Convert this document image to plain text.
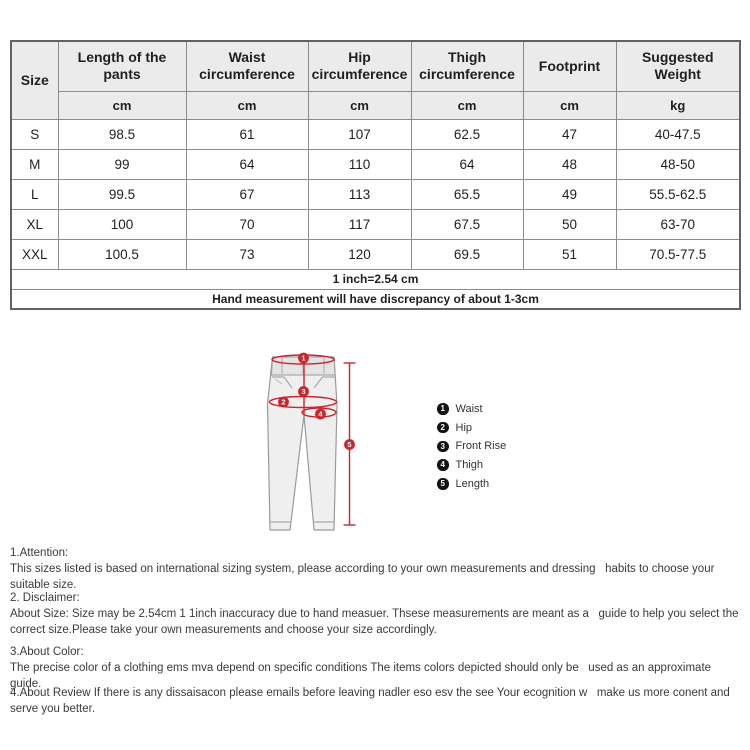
Size	Length of the pants	Waist circumference	Hip circumference	Thigh circumference	Footprint	Suggested Weight
	cm	cm	cm	cm	cm	kg
S	98.5	61	107	62.5	47	40-47.5
M	99	64	110	64	48	48-50
L	99.5	67	113	65.5	49	55.5-62.5
XL	100	70	117	67.5	50	63-70
XXL	100.5	73	120	69.5	51	70.5-77.5
1 inch=2.54 cm						
Hand measurement will have discrepancy of about 1-3cm						
1
2
3
4
5
1 Waist
2 Hip
3 Front Rise
4 Thigh
5 Length
1.Attention:
This sizes listed is based on international sizing system, please according to your own measurements and dressing   habits to choose your suitable size.
2. Disclaimer:
About Size: Size may be 2.54cm 1 1inch inaccuracy due to hand measuer. Thsese measurements are meant as a   guide to help you select the correct size.Please take your own measurements and choose your size accordingly.
3.About Color:
The precise color of a clothing ems mva depend on specific conditions The items colors depicted should only be   used as an approximate guide.
4.About Review If there is any dissaisacon please emails before leaving nadler eso esv the see Your ecognition w   make us more conent and serve you better.
